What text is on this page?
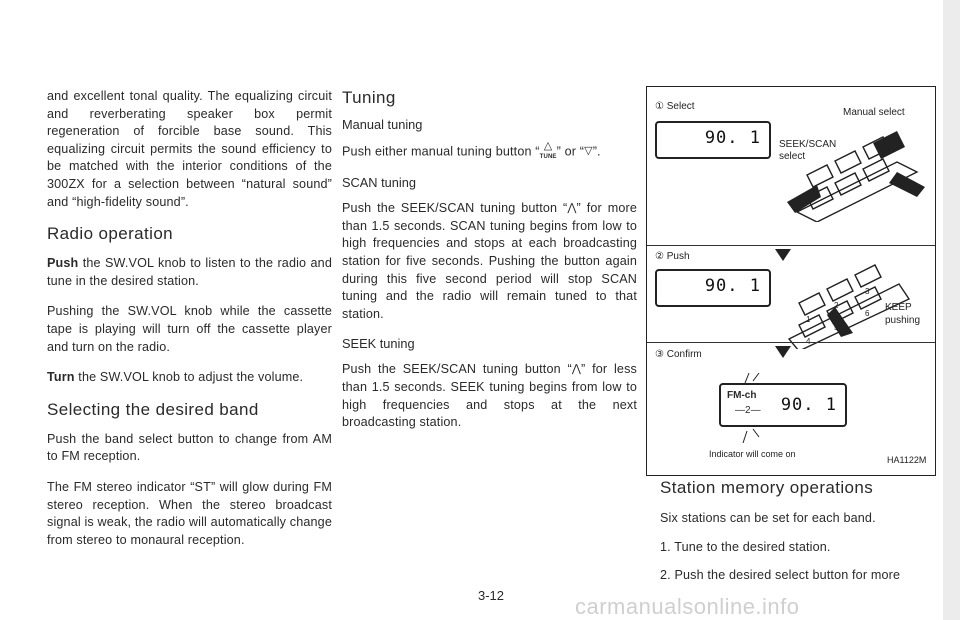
and excellent tonal quality. The equalizing circuit and reverberating speaker box permit regeneration of forcible base sound. This equalizing circuit permits the sound efficiency to be matched with the interior conditions of the 300ZX for a selection between “natural sound” and “high-fidelity sound”.

Radio operation

Push the SW.VOL knob to listen to the radio and tune in the desired station.

Pushing the SW.VOL knob while the cassette tape is playing will turn off the cassette player and turn on the radio.

Turn the SW.VOL knob to adjust the volume.

Selecting the desired band

Push the band select button to change from AM to FM reception.

The FM stereo indicator “ST” will glow during FM stereo reception. When the stereo broadcast signal is weak, the radio will automatically change from stereo to monaural reception.

Tuning
Manual tuning

Push either manual tuning button “ △
TUNE” or “▽”.

SCAN tuning

Push the SEEK/SCAN tuning button “⋀” for more than 1.5 seconds. SCAN tuning begins from low to high frequencies and stops at each broadcasting station for five seconds. Pushing the button again during this five second period will stop SCAN tuning and the radio will remain tuned to that station.

SEEK tuning

Push the SEEK/SCAN tuning button “⋀” for less than 1.5 seconds. SEEK tuning begins from low to high frequencies and stops at the next broadcasting station.

① Select
Manual select
90. 1 SEEK/SCAN
select
② Push
90. 1
1
2
3
4
5
6
KEEP
pushing
③ Confirm
FM-ch
—2— 90. 1
Indicator will come on
HA1122M
Station memory operations

Six stations can be set for each band.

1. Tune to the desired station.

2. Push the desired select button for more

3-12	carmanualsonline.info
